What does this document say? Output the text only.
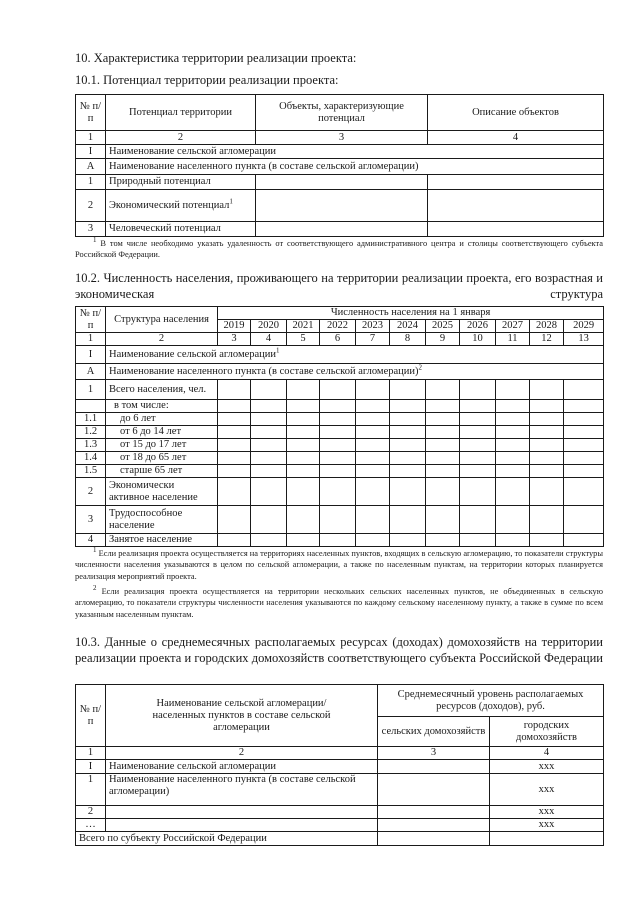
10. Характеристика территории реализации проекта:
10.1. Потенциал территории реализации проекта:
№ п/п	Потенциал территории	Объекты, характеризующие потенциал	Описание объектов
1	2	3	4
I	Наименование сельской агломерации		
А	Наименование населенного пункта (в составе сельской агломерации)		
1	Природный потенциал		
2	Экономический потенциал$^1$		
3	Человеческий потенциал		
$^1$ В том числе необходимо указать удаленность от соответствующего административного центра и столицы соответствующего субъекта Российской Федерации.
10.2. Численность населения, проживающего на территории реализации проекта, его возрастная и экономическая структура
№ п/п	Структура населения	Численность населения на 1 января										
		2019	2020	2021	2022	2023	2024	2025	2026	2027	2028	2029
1	2	3	4	5	6	7	8	9	10	11	12	13
I	Наименование сельской агломерации$^1$
А	Наименование населенного пункта (в составе сельской агломерации)$^2$
1	Всего населения, чел.											
	в том числе:											
1.1	до 6 лет											
1.2	от 6 до 14 лет											
1.3	от 15 до 17 лет											
1.4	от 18 до 65 лет											
1.5	старше 65 лет											
2	Экономически активное население											
3	Трудоспособное население											
4	Занятое население											
$^1$ Если реализация проекта осуществляется на территориях населенных пунктов, входящих в сельскую агломерацию, то показатели структуры численности населения указываются в целом по сельской агломерации, а также по населенным пунктам, на территории которых планируется реализация мероприятий проекта.
$^2$ Если реализация проекта осуществляется на территории нескольких сельских населенных пунктов, не объединенных в сельскую агломерацию, то показатели структуры численности населения указываются по каждому сельскому населенному пункту, а также в сумме по всем указанным населенным пунктам.
10.3. Данные о среднемесячных располагаемых ресурсах (доходах) домохозяйств на территории реализации проекта и городских домохозяйств соответствующего субъекта Российской Федерации
№ п/п	Наименование сельской агломерации/ населенных пунктов в составе сельской агломерации	Среднемесячный уровень располагаемых ресурсов (доходов), руб.	
		сельских домохозяйств	городских домохозяйств
1	2	3	4
I	Наименование сельской агломерации		ххх
1	Наименование населенного пункта (в составе сельской агломерации)		ххх
2			ххх
…			ххх
Всего по субъекту Российской Федерации			
